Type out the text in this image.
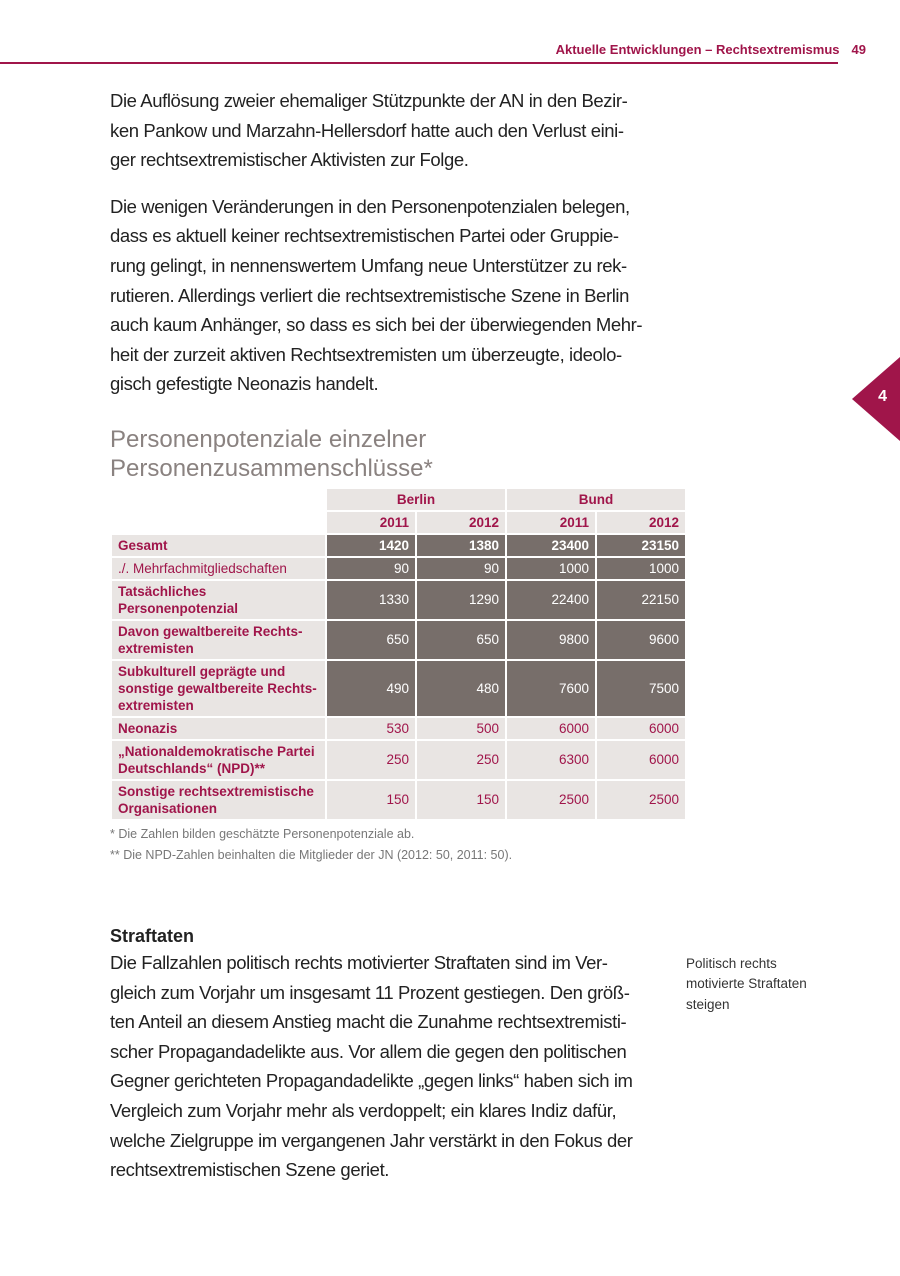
Aktuelle Entwicklungen – Rechtsextremismus 49
4
Die Auflösung zweier ehemaliger Stützpunkte der AN in den Bezir-
ken Pankow und Marzahn-Hellersdorf hatte auch den Verlust eini-
ger rechtsextremistischer Aktivisten zur Folge.
Die wenigen Veränderungen in den Personenpotenzialen belegen,
dass es aktuell keiner rechtsextremistischen Partei oder Gruppie-
rung gelingt, in nennenswertem Umfang neue Unterstützer zu rek-
rutieren. Allerdings verliert die rechtsextremistische Szene in Berlin
auch kaum Anhänger, so dass es sich bei der überwiegenden Mehr-
heit der zurzeit aktiven Rechtsextremisten um überzeugte, ideolo-
gisch gefestigte Neonazis handelt.
Personenpotenziale einzelner
Personenzusammenschlüsse*
	Berlin		Bund	
	2011	2012	2011	2012
Gesamt	1420	1380	23400	23150
./. Mehrfachmitgliedschaften	90	90	1000	1000
Tatsächliches Personenpotenzial	1330	1290	22400	22150
Davon gewaltbereite Rechts-extremisten	650	650	9800	9600
Subkulturell geprägte und sonstige gewaltbereite Rechts-extremisten	490	480	7600	7500
Neonazis	530	500	6000	6000
„Nationaldemokratische Partei Deutschlands“ (NPD)**	250	250	6300	6000
Sonstige rechtsextremistische Organisationen	150	150	2500	2500
* Die Zahlen bilden geschätzte Personenpotenziale ab.
** Die NPD-Zahlen beinhalten die Mitglieder der JN (2012: 50, 2011: 50).
Straftaten
Die Fallzahlen politisch rechts motivierter Straftaten sind im Ver-
gleich zum Vorjahr um insgesamt 11 Prozent gestiegen. Den größ-
ten Anteil an diesem Anstieg macht die Zunahme rechtsextremisti-
scher Propagandadelikte aus. Vor allem die gegen den politischen
Gegner gerichteten Propagandadelikte „gegen links“ haben sich im
Vergleich zum Vorjahr mehr als verdoppelt; ein klares Indiz dafür,
welche Zielgruppe im vergangenen Jahr verstärkt in den Fokus der
rechtsextremistischen Szene geriet.
Politisch rechts motivierte Straftaten steigen
